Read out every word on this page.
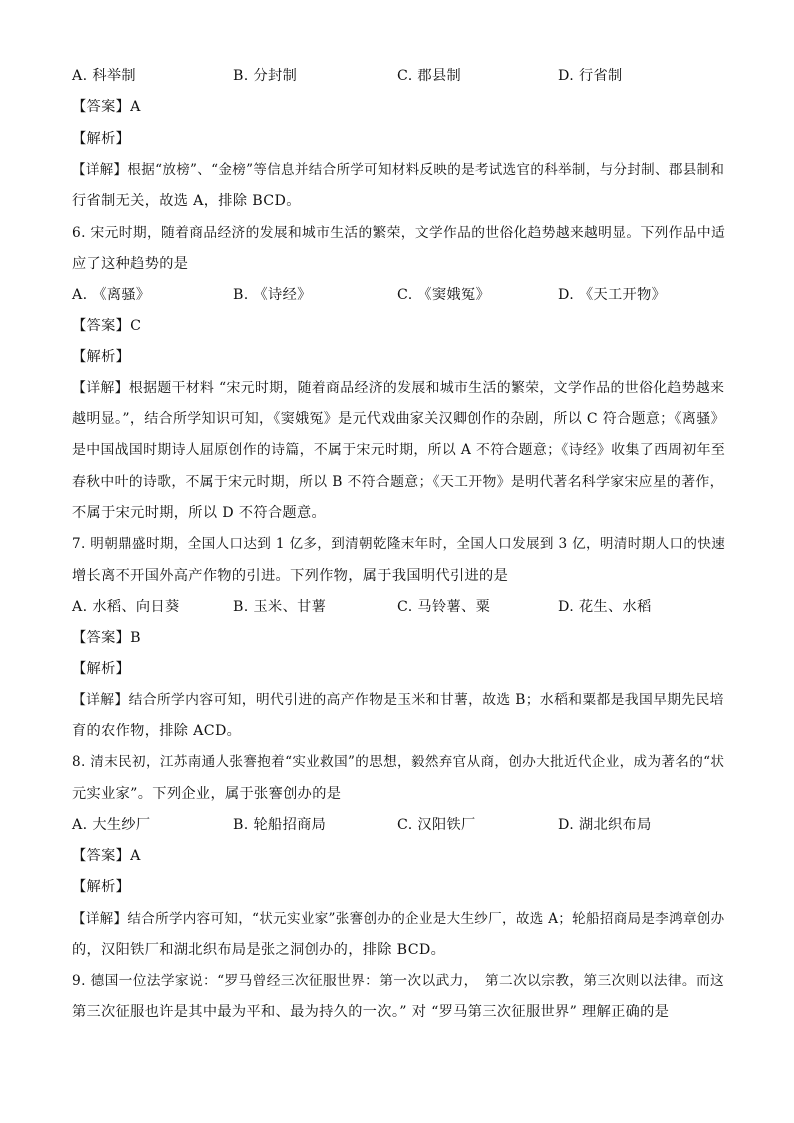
A. 科举制	B. 分封制	C. 郡县制	D. 行省制
【答案】A
【解析】
【详解】根据“放榜”、“金榜”等信息并结合所学可知材料反映的是考试选官的科举制，与分封制、郡县制和
行省制无关，故选 A，排除 BCD。
6. 宋元时期，随着商品经济的发展和城市生活的繁荣，文学作品的世俗化趋势越来越明显。下列作品中适
应了这种趋势的是
A. 《离骚》	B. 《诗经》	C. 《窦娥冤》	D. 《天工开物》
【答案】C
【解析】
【详解】根据题干材料 “宋元时期，随着商品经济的发展和城市生活的繁荣，文学作品的世俗化趋势越来
越明显。”，结合所学知识可知，《窦娥冤》是元代戏曲家关汉卿创作的杂剧，所以 C 符合题意；《离骚》
是中国战国时期诗人屈原创作的诗篇，不属于宋元时期，所以 A 不符合题意；《诗经》收集了西周初年至
春秋中叶的诗歌，不属于宋元时期，所以 B 不符合题意；《天工开物》是明代著名科学家宋应星的著作，
不属于宋元时期，所以 D 不符合题意。
7. 明朝鼎盛时期，全国人口达到 1 亿多，到清朝乾隆末年时，全国人口发展到 3 亿，明清时期人口的快速
增长离不开国外高产作物的引进。下列作物，属于我国明代引进的是
A. 水稻、向日葵	B. 玉米、甘薯	C. 马铃薯、粟	D. 花生、水稻
【答案】B
【解析】
【详解】结合所学内容可知，明代引进的高产作物是玉米和甘薯，故选 B；水稻和粟都是我国早期先民培
育的农作物，排除 ACD。
8. 清末民初，江苏南通人张謇抱着“实业救国”的思想，毅然弃官从商，创办大批近代企业，成为著名的“状
元实业家”。下列企业，属于张謇创办的是
A. 大生纱厂	B. 轮船招商局	C. 汉阳铁厂	D. 湖北织布局
【答案】A
【解析】
【详解】结合所学内容可知，“状元实业家”张謇创办的企业是大生纱厂，故选 A；轮船招商局是李鸿章创办
的，汉阳铁厂和湖北织布局是张之洞创办的，排除 BCD。
9. 德国一位法学家说：“罗马曾经三次征服世界：第一次以武力，　第二次以宗教，第三次则以法律。而这
第三次征服也许是其中最为平和、最为持久的一次。” 对 “罗马第三次征服世界” 理解正确的是
